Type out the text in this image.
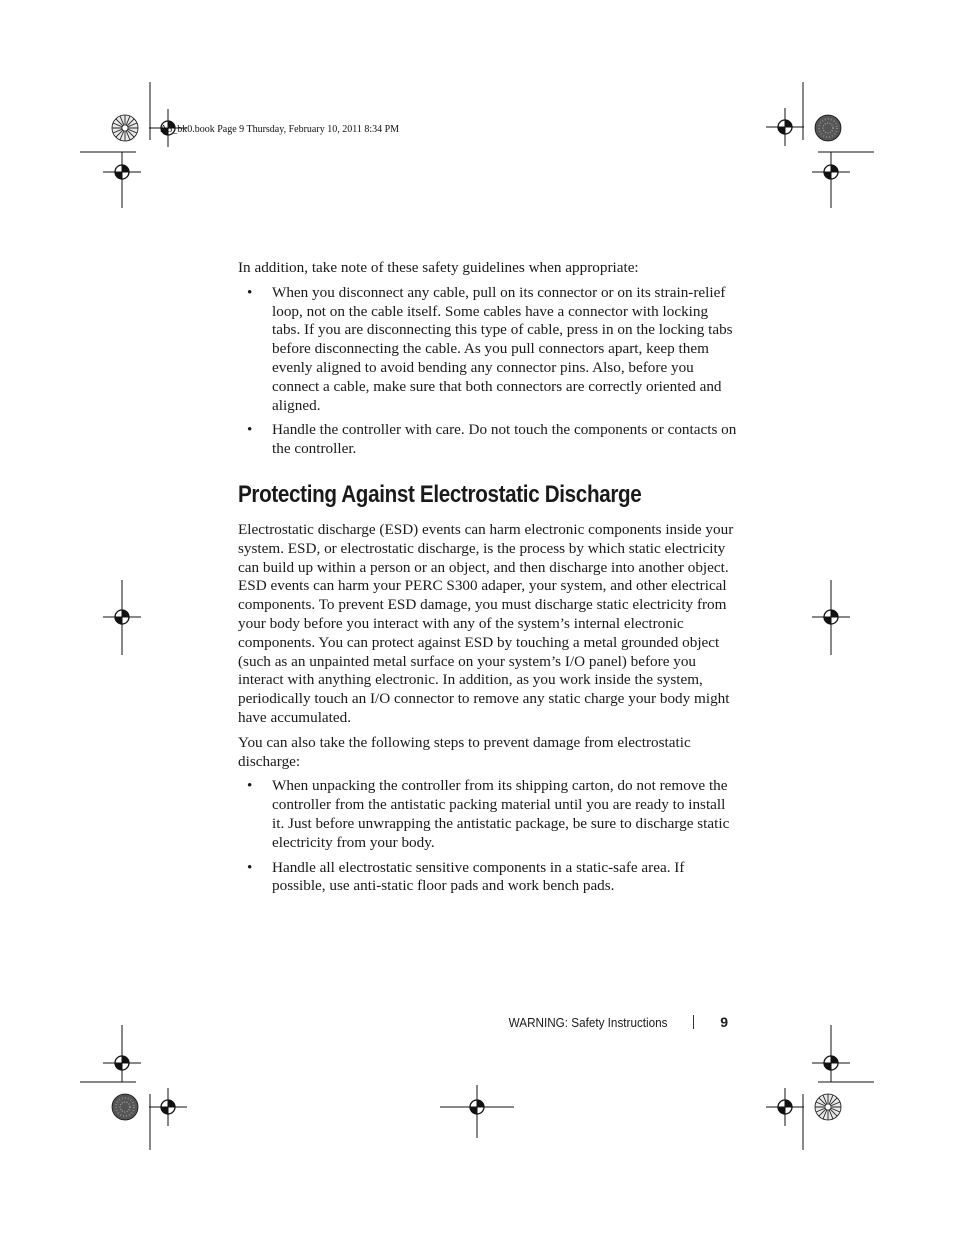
A5_bk0.book Page 9 Thursday, February 10, 2011 8:34 PM

In addition, take note of these safety guidelines when appropriate:

• When you disconnect any cable, pull on its connector or on its strain-relief loop, not on the cable itself. Some cables have a connector with locking tabs. If you are disconnecting this type of cable, press in on the locking tabs before disconnecting the cable. As you pull connectors apart, keep them evenly aligned to avoid bending any connector pins. Also, before you connect a cable, make sure that both connectors are correctly oriented and aligned.
• Handle the controller with care. Do not touch the components or contacts on the controller.
Protecting Against Electrostatic Discharge

Electrostatic discharge (ESD) events can harm electronic components inside your system. ESD, or electrostatic discharge, is the process by which static electricity can build up within a person or an object, and then discharge into another object. ESD events can harm your PERC S300 adaper, your system, and other electrical components. To prevent ESD damage, you must discharge static electricity from your body before you interact with any of the system’s internal electronic components. You can protect against ESD by touching a metal grounded object (such as an unpainted metal surface on your system’s I/O panel) before you interact with anything electronic. In addition, as you work inside the system, periodically touch an I/O connector to remove any static charge your body might have accumulated.

You can also take the following steps to prevent damage from electrostatic discharge:

• When unpacking the controller from its shipping carton, do not remove the controller from the antistatic packing material until you are ready to install it. Just before unwrapping the antistatic package, be sure to discharge static electricity from your body.
• Handle all electrostatic sensitive components in a static-safe area. If possible, use anti-static floor pads and work bench pads.
WARNING: Safety Instructions	9
